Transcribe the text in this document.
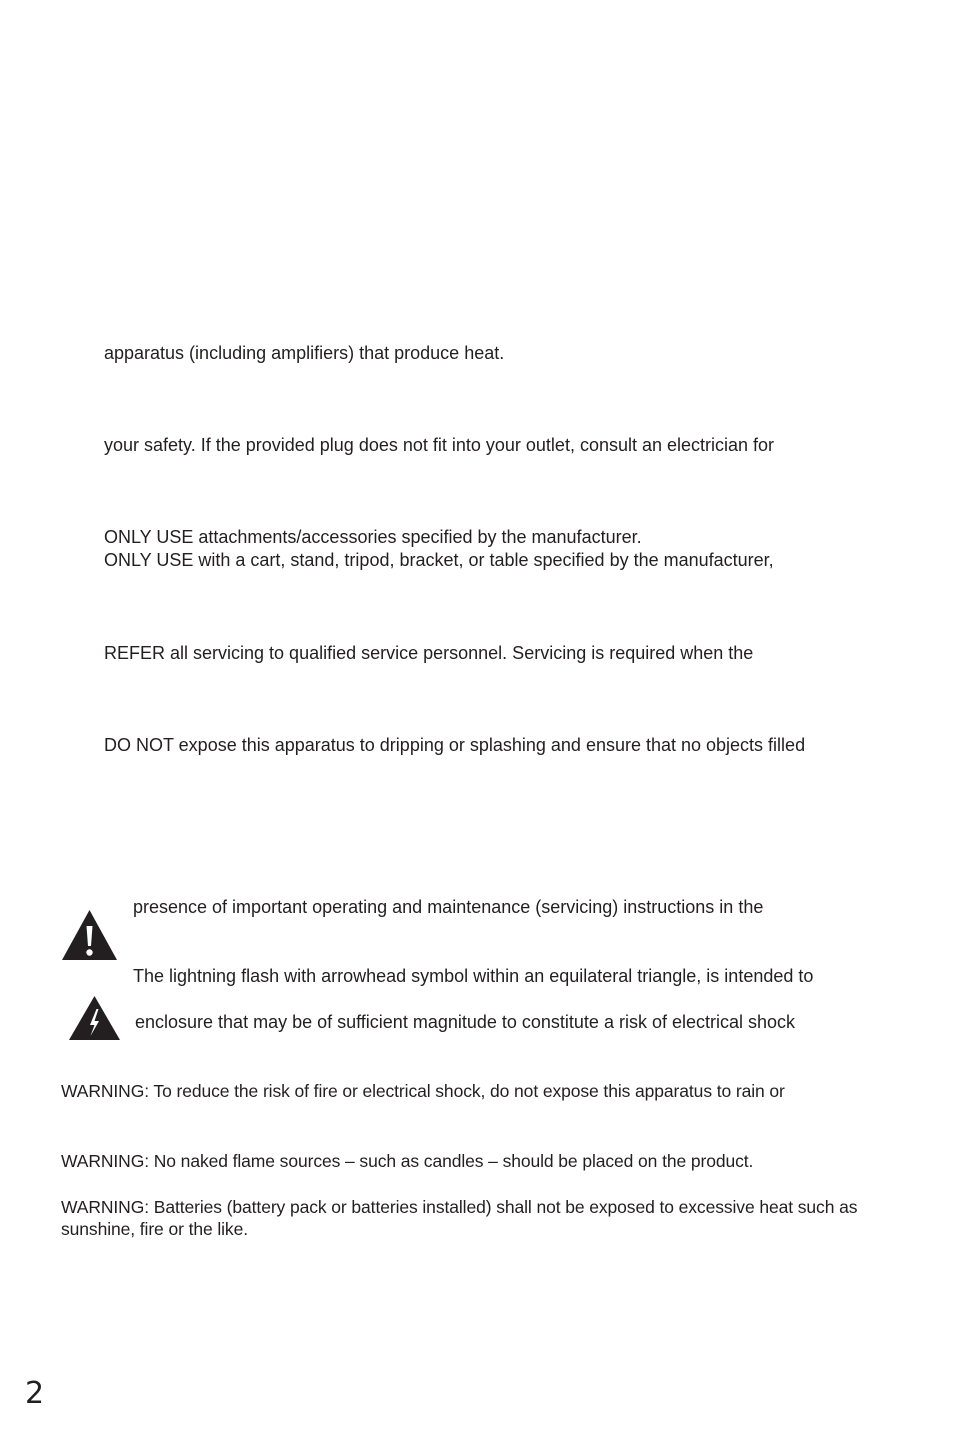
apparatus (including amplifiers) that produce heat.

your safety. If the provided plug does not fit into your outlet, consult an electrician for

ONLY USE attachments/accessories specified by the manufacturer.

ONLY USE with a cart, stand, tripod, bracket, or table specified by the manufacturer,

REFER all servicing to qualified service personnel. Servicing is required when the

DO NOT expose this apparatus to dripping or splashing and ensure that no objects filled

presence of important operating and maintenance (servicing) instructions in the

The lightning flash with arrowhead symbol within an equilateral triangle, is intended to

enclosure that may be of sufficient magnitude to constitute a risk of electrical shock

WARNING: To reduce the risk of fire or electrical shock, do not expose this apparatus to rain or

WARNING: No naked flame sources – such as candles – should be placed on the product.

WARNING: Batteries (battery pack or batteries installed) shall not be exposed to excessive heat such as sunshine, fire or the like.

2
